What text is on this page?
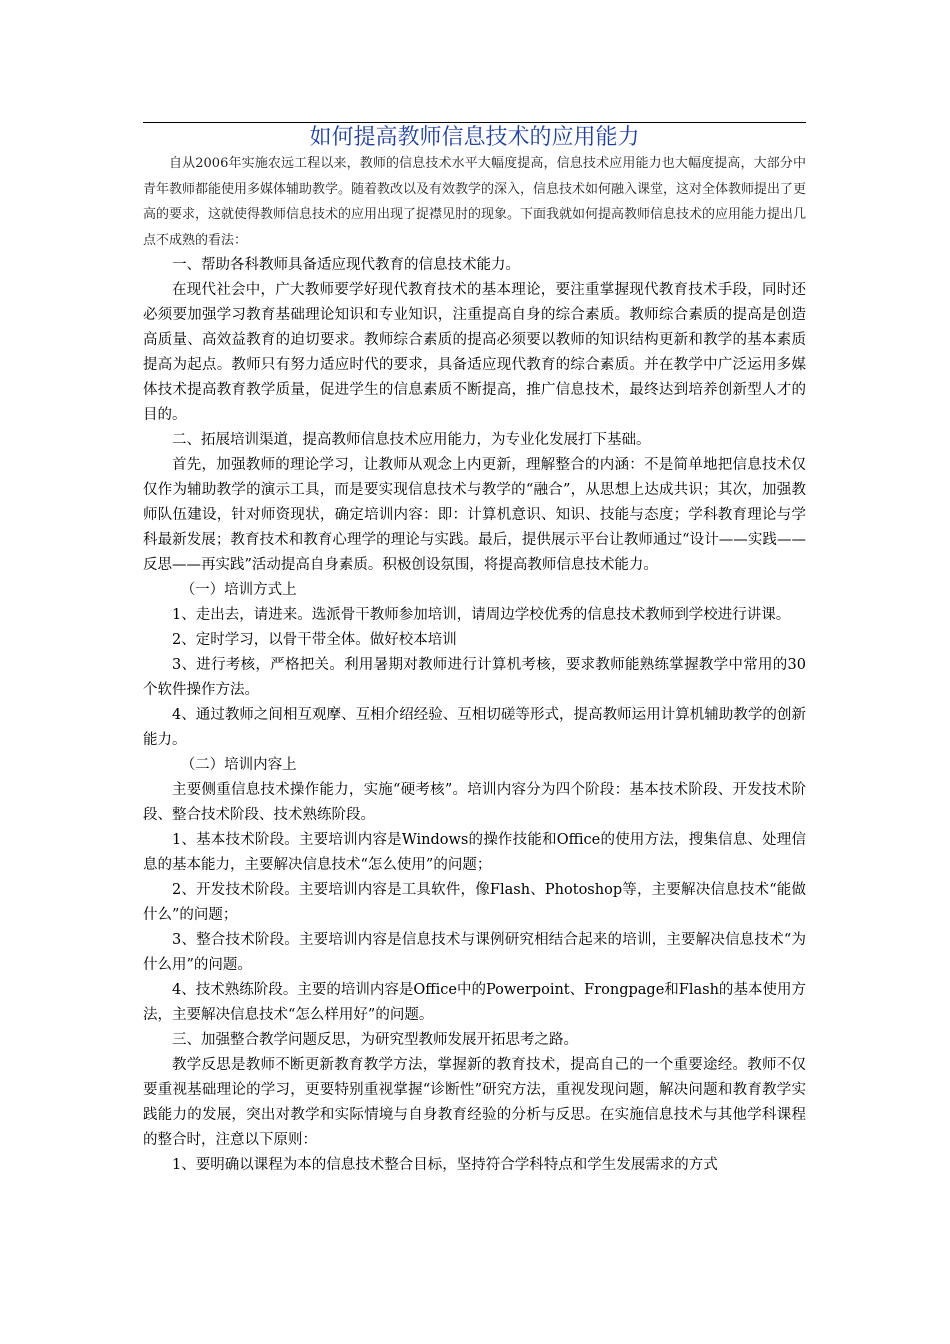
如何提高教师信息技术的应用能力

自从2006年实施农远工程以来，教师的信息技术水平大幅度提高，信息技术应用能力也大幅度提高，大部分中青年教师都能使用多媒体辅助教学。随着教改以及有效教学的深入，信息技术如何融入课堂，这对全体教师提出了更高的要求，这就使得教师信息技术的应用出现了捉襟见肘的现象。下面我就如何提高教师信息技术的应用能力提出几点不成熟的看法：

一、帮助各科教师具备适应现代教育的信息技术能力。

在现代社会中，广大教师要学好现代教育技术的基本理论，要注重掌握现代教育技术手段，同时还必须要加强学习教育基础理论知识和专业知识，注重提高自身的综合素质。教师综合素质的提高是创造高质量、高效益教育的迫切要求。教师综合素质的提高必须要以教师的知识结构更新和教学的基本素质提高为起点。教师只有努力适应时代的要求，具备适应现代教育的综合素质。并在教学中广泛运用多媒体技术提高教育教学质量，促进学生的信息素质不断提高，推广信息技术，最终达到培养创新型人才的目的。

二、拓展培训渠道，提高教师信息技术应用能力，为专业化发展打下基础。

首先，加强教师的理论学习，让教师从观念上内更新，理解整合的内涵：不是简单地把信息技术仅仅作为辅助教学的演示工具，而是要实现信息技术与教学的“融合”，从思想上达成共识；其次，加强教师队伍建设，针对师资现状，确定培训内容：即：计算机意识、知识、技能与态度；学科教育理论与学科最新发展；教育技术和教育心理学的理论与实践。最后，提供展示平台让教师通过“设计——实践——反思——再实践”活动提高自身素质。积极创设氛围，将提高教师信息技术能力。

（一）培训方式上

1、走出去，请进来。选派骨干教师参加培训，请周边学校优秀的信息技术教师到学校进行讲课。

2、定时学习，以骨干带全体。做好校本培训

3、进行考核，严格把关。利用暑期对教师进行计算机考核，要求教师能熟练掌握教学中常用的30个软件操作方法。

4、通过教师之间相互观摩、互相介绍经验、互相切磋等形式，提高教师运用计算机辅助教学的创新能力。

（二）培训内容上

主要侧重信息技术操作能力，实施“硬考核”。培训内容分为四个阶段：基本技术阶段、开发技术阶段、整合技术阶段、技术熟练阶段。

1、基本技术阶段。主要培训内容是Windows的操作技能和Office的使用方法，搜集信息、处理信息的基本能力，主要解决信息技术“怎么使用”的问题；

2、开发技术阶段。主要培训内容是工具软件，像Flash、Photoshop等，主要解决信息技术“能做什么”的问题；

3、整合技术阶段。主要培训内容是信息技术与课例研究相结合起来的培训，主要解决信息技术“为什么用”的问题。

4、技术熟练阶段。主要的培训内容是Office中的Powerpoint、Frongpage和Flash的基本使用方法，主要解决信息技术“怎么样用好”的问题。

三、加强整合教学问题反思，为研究型教师发展开拓思考之路。

教学反思是教师不断更新教育教学方法，掌握新的教育技术，提高自己的一个重要途经。教师不仅要重视基础理论的学习，更要特别重视掌握“诊断性”研究方法，重视发现问题，解决问题和教育教学实践能力的发展，突出对教学和实际情境与自身教育经验的分析与反思。在实施信息技术与其他学科课程的整合时，注意以下原则：

1、要明确以课程为本的信息技术整合目标，坚持符合学科特点和学生发展需求的方式
